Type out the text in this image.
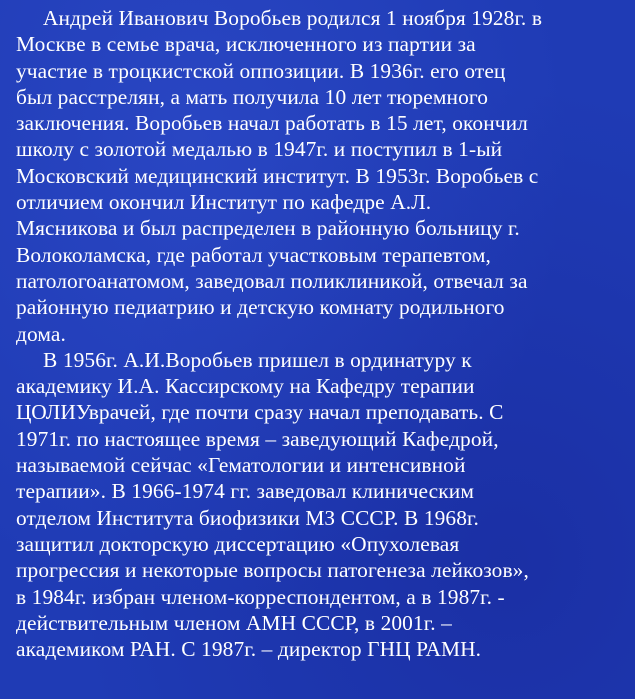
Андрей Иванович Воробьев родился 1 ноября 1928г. в
Москве в семье врача, исключенного из партии за
участие в троцкистской оппозиции. В 1936г. его отец
был расстрелян, а мать получила 10 лет тюремного
заключения. Воробьев начал работать в 15 лет, окончил
школу с золотой медалью в 1947г. и поступил в 1-ый
Московский медицинский институт. В 1953г. Воробьев с
отличием окончил Институт по кафедре А.Л.
Мясникова и был распределен в районную больницу г.
Волоколамска, где работал участковым терапевтом,
патологоанатомом, заведовал поликлиникой, отвечал за
районную педиатрию и детскую комнату родильного
дома.

В 1956г. А.И.Воробьев пришел в ординатуру к
академику И.А. Кассирскому на Кафедру терапии
ЦОЛИУврачей, где почти сразу начал преподавать. С
1971г. по настоящее время – заведующий Кафедрой,
называемой сейчас «Гематологии и интенсивной
терапии». В 1966-1974 гг. заведовал клиническим
отделом Института биофизики МЗ СССР. В 1968г.
защитил докторскую диссертацию «Опухолевая
прогрессия и некоторые вопросы патогенеза лейкозов»,
в 1984г. избран членом-корреспондентом, а в 1987г. -
действительным членом АМН СССР, в 2001г. –
академиком РАН. С 1987г. – директор ГНЦ РАМН.
